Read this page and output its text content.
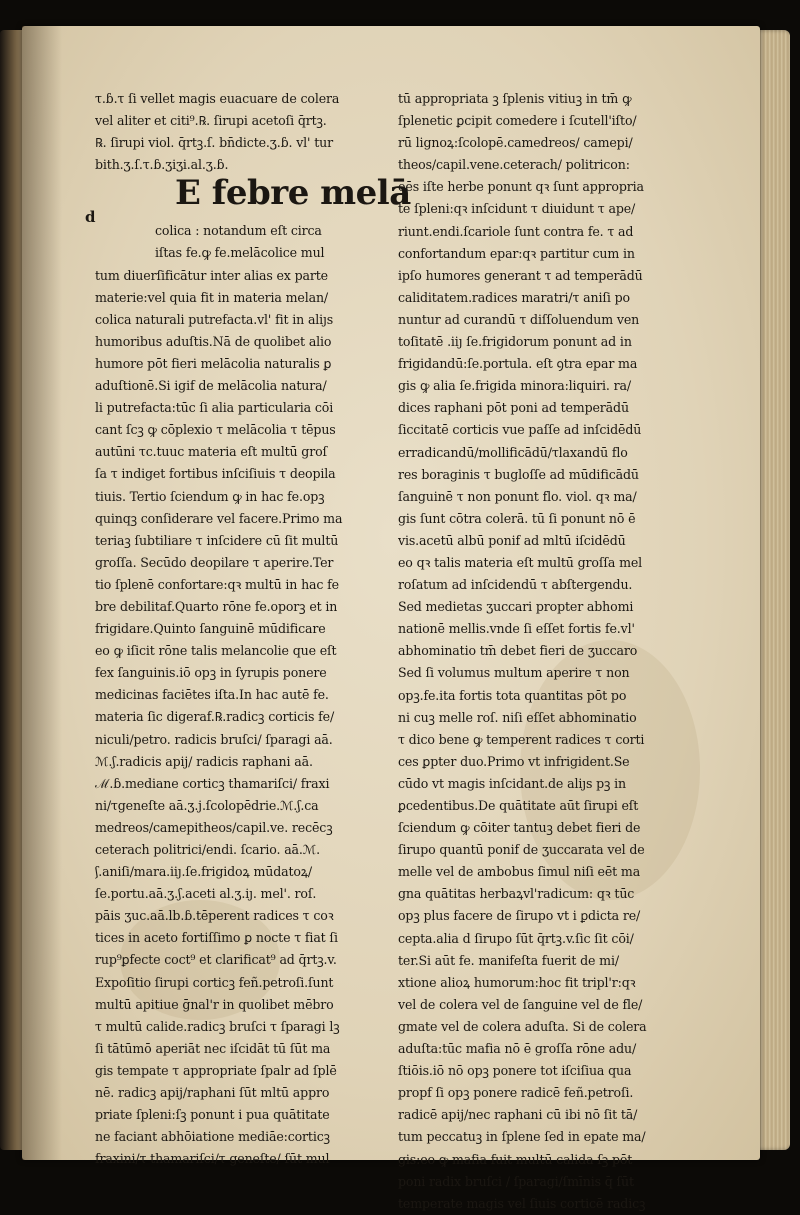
τ.ɓ.τ ſi vellet magis euacuare de colera
vel aliter et citi⁹.℞. ſirupi acetoſi q̄rtꝫ.
℞. ſirupi viol. q̄rtꝫ.ſ. bn̄dicte.ʒ.ɓ. vl' tur
bith.ʒ.ſ.τ.ɓ.ʒiʒi.al.ʒ.ɓ.
d
E febre melā
colica : notandum eſt circa
iſtas fe.ꝙ fe.melācolice mul
tum diuerſificātur inter alias ex parte
materie:vel quia fit in materia melan/
colica naturali putrefacta.vl' fit in aliȷs
humoribus aduſtis.Nā de quolibet alio
humore pōt fieri melācolia naturalis ꝑ
aduſtionē.Si igif de melācolia natura/
li putrefacta:tūc ſi alia particularia cōi
cant ſcꝫ ꝙ cōplexio τ melācolia τ tēpus
autūni τc.tuuc materia eſt multū groſ
ſa τ indiget fortibus inſciſiuis τ deopila
tiuis. Tertio ſciendum ꝙ in hac fe.opꝫ
quinqꝫ conſiderare vel facere.Primo ma
teriaꝫ ſubtiliare τ inſcidere cū ſit multū
groſſa. Secūdo deopilare τ aperire.Ter
tio ſplenē confortare:qꝛ multū in hac fe
bre debilitaf.Quarto rōne fe.oporꝫ et in
frigidare.Quinto ſanguinē mūdificare
eo ꝙ iſicit rōne talis melancolie que eſt
fex ſanguinis.iō opꝫ in ſyrupis ponere
medicinas faciētes iſta.In hac autē fe.
materia ſic digeraf.℞.radicꝫ corticis fe/
niculi/petro. radicis bruſci/ ſparagi aā.
ℳ.ʃ.radicis apij/ radicis raphani aā.
ℳ.ɓ.mediane corticꝫ thamariſci/ fraxi
ni/τgeneſte aā.ʒ.j.ſcolopēdrie.ℳ.ʃ.ca
medreos/camepitheos/capil.ve. recēcꝫ
ceterach politrici/endi. ſcario. aā.ℳ.
ʃ.aniſi/mara.iiȷ.ſe.frigidoꝝ mūdatoꝝ/
ſe.portu.aā.ʒ.ʃ.aceti al.ʒ.iȷ. mel'. roſ.
pāis ʒuc.aā.lb.ɓ.tēperent radices τ coꝛ
tices in aceto fortiſſimo ꝑ nocte τ fiat ſi
rup⁹ꝑfecte coct⁹ et clarificat⁹ ad q̄rtꝫ.v.
Expoſitio ſirupi corticꝫ feñ.petroſi.ſunt
multū apitiue ḡnal'r in quolibet mēbro
τ multū calide.radicꝫ bruſci τ ſparagi lꝫ
ſi tātūmō aperiāt nec iſcidāt tū ſūt ma
gis tempate τ appropriate ſpalr ad ſplē
nē. radicꝫ apij/raphani ſūt mltū appro
priate ſpleni:ſꝫ ponunt i pua quātitate
ne faciant abhōiatione mediāe:corticꝫ
fraxini/τ thamariſci/τ geneſte/ ſūt mul
tū appropriata ꝫ ſplenis vitiuꝫ in tm̄ ꝙ
ſplenetic ꝑcipit comedere i ſcutell'iſto/
rū lignoꝝ:ſcolopē.camedreos/ camepi/
theos/capil.vene.ceterach/ politricon:
oēs iſte herbe ponunt qꝛ ſunt appropria
te ſpleni:qꝛ inſcidunt τ diuidunt τ ape/
riunt.endi.ſcariole ſunt contra fe. τ ad
confortandum epar:qꝛ partitur cum in
ipſo humores generant τ ad temperādū
caliditatem.radices maratri/τ aniſi po
nuntur ad curandū τ diſſoluendum ven
toſitatē .iiȷ ſe.frigidorum ponunt ad in
frigidandū:ſe.portula. eſt ꝯtra epar ma
gis ꝙ alia ſe.frigida minora:liquiri. ra/
dices raphani pōt poni ad temperādū
ſiccitatē corticis vue paſſe ad inſcidēdū
erradicandū/mollificādū/τlaxandū flo
res boraginis τ bugloſſe ad mūdificādū
ſanguinē τ non ponunt flo. viol. qꝛ ma/
gis ſunt cōtra colerā. tū ſi ponunt nō ē
vis.acetū albū ponif ad mltū iſcidēdū
eo qꝛ talis materia eſt multū groſſa mel
roſatum ad inſcidendū τ abſtergendu.
Sed medietas ʒuccari propter abhomi
nationē mellis.vnde ſi eſſet fortis fe.vl'
abhominatio tm̄ debet fieri de ʒuccaro
Sed ſi volumus multum aperire τ non
opꝫ.fe.ita fortis tota quantitas pōt po
ni cuꝫ melle roſ. niſi eſſet abhominatio
τ dico bene ꝙ temperent radices τ corti
ces ꝑpter duo.Primo vt infrigident.Se
cūdo vt magis inſcidant.de aliȷs pꝫ in
ꝑcedentibus.De quātitate aūt ſirupi eſt
ſciendum ꝙ cōiter tantuꝫ debet fieri de
ſirupo quantū ponif de ʒuccarata vel de
melle vel de ambobus ſimul niſi eēt ma
gna quātitas herbaꝝvl'radicum: qꝛ tūc
opꝫ plus facere de ſirupo vt i ꝑdicta re/
cepta.alia d ſirupo ſūt q̄rtꝫ.v.ſic ſit cōi/
ter.Si aūt fe. manifeſta fuerit de mi/
xtione alioꝝ humorum:hoc fit tripl'r:qꝛ
vel de colera vel de ſanguine vel de fle/
gmate vel de colera aduſta. Si de colera
aduſta:tūc mafia nō ē groſſa rōne adu/
ſtiōis.iō nō opꝫ ponere tot iſciſiua qua
propf ſi opꝫ ponere radicē feñ.petroſi.
radicē apij/nec raphani cū ibi nō ſit tā/
tum peccatuꝫ in ſplene ſed in epate ma/
gis:eo ꝙ mafia fuit multū calida ſꝫ pōt
poni radix bruſci / ſparagi/ſmīnis q̄ ſūt
temperate magis vel ſiuis corticē radicꝫ
